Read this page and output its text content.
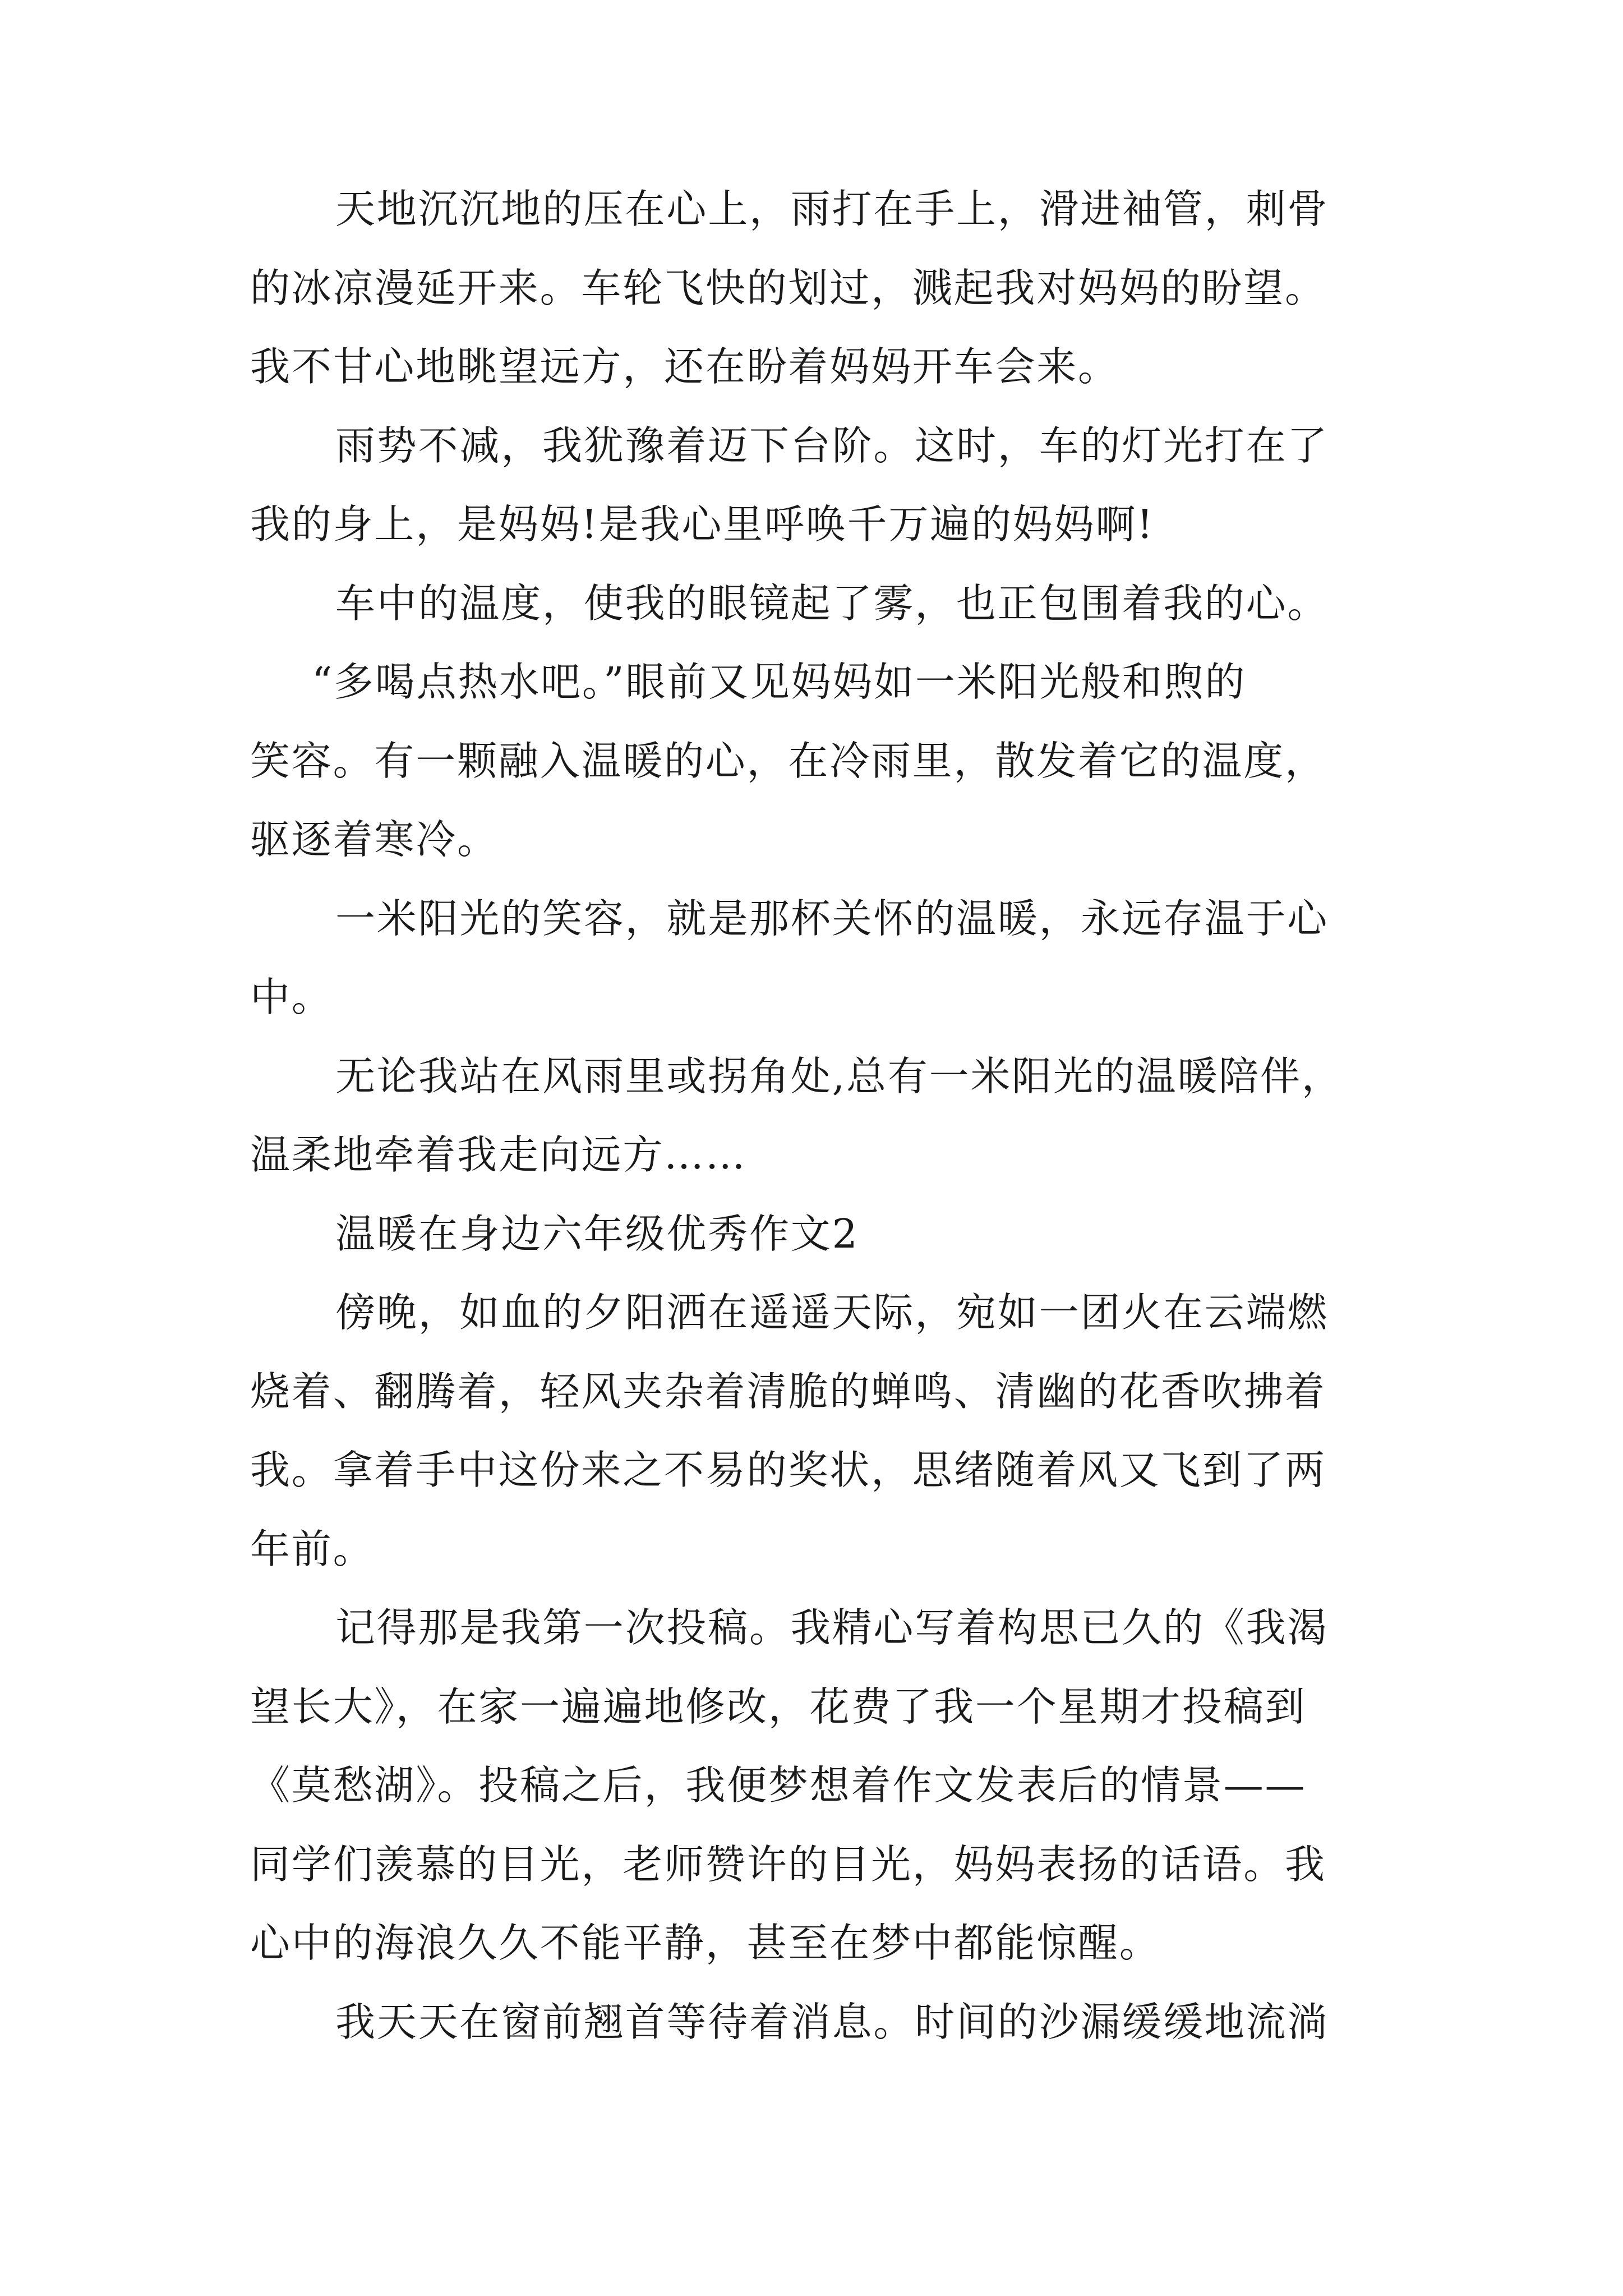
天地沉沉地的压在心上，雨打在手上，滑进袖管，刺骨
的冰凉漫延开来。车轮飞快的划过，溅起我对妈妈的盼望。
我不甘心地眺望远方，还在盼着妈妈开车会来。
雨势不减，我犹豫着迈下台阶。这时，车的灯光打在了
我的身上，是妈妈!是我心里呼唤千万遍的妈妈啊!
车中的温度，使我的眼镜起了雾，也正包围着我的心。
“多喝点热水吧。”眼前又见妈妈如一米阳光般和煦的
笑容。有一颗融入温暖的心，在冷雨里，散发着它的温度，
驱逐着寒冷。
一米阳光的笑容，就是那杯关怀的温暖，永远存温于心
中。
无论我站在风雨里或拐角处,总有一米阳光的温暖陪伴，
温柔地牵着我走向远方……
温暖在身边六年级优秀作文2
傍晚，如血的夕阳洒在遥遥天际，宛如一团火在云端燃
烧着、翻腾着，轻风夹杂着清脆的蝉鸣、清幽的花香吹拂着
我。拿着手中这份来之不易的奖状，思绪随着风又飞到了两
年前。
记得那是我第一次投稿。我精心写着构思已久的《我渴
望长大》，在家一遍遍地修改，花费了我一个星期才投稿到
《莫愁湖》。投稿之后，我便梦想着作文发表后的情景——
同学们羡慕的目光，老师赞许的目光，妈妈表扬的话语。我
心中的海浪久久不能平静，甚至在梦中都能惊醒。
我天天在窗前翘首等待着消息。时间的沙漏缓缓地流淌
